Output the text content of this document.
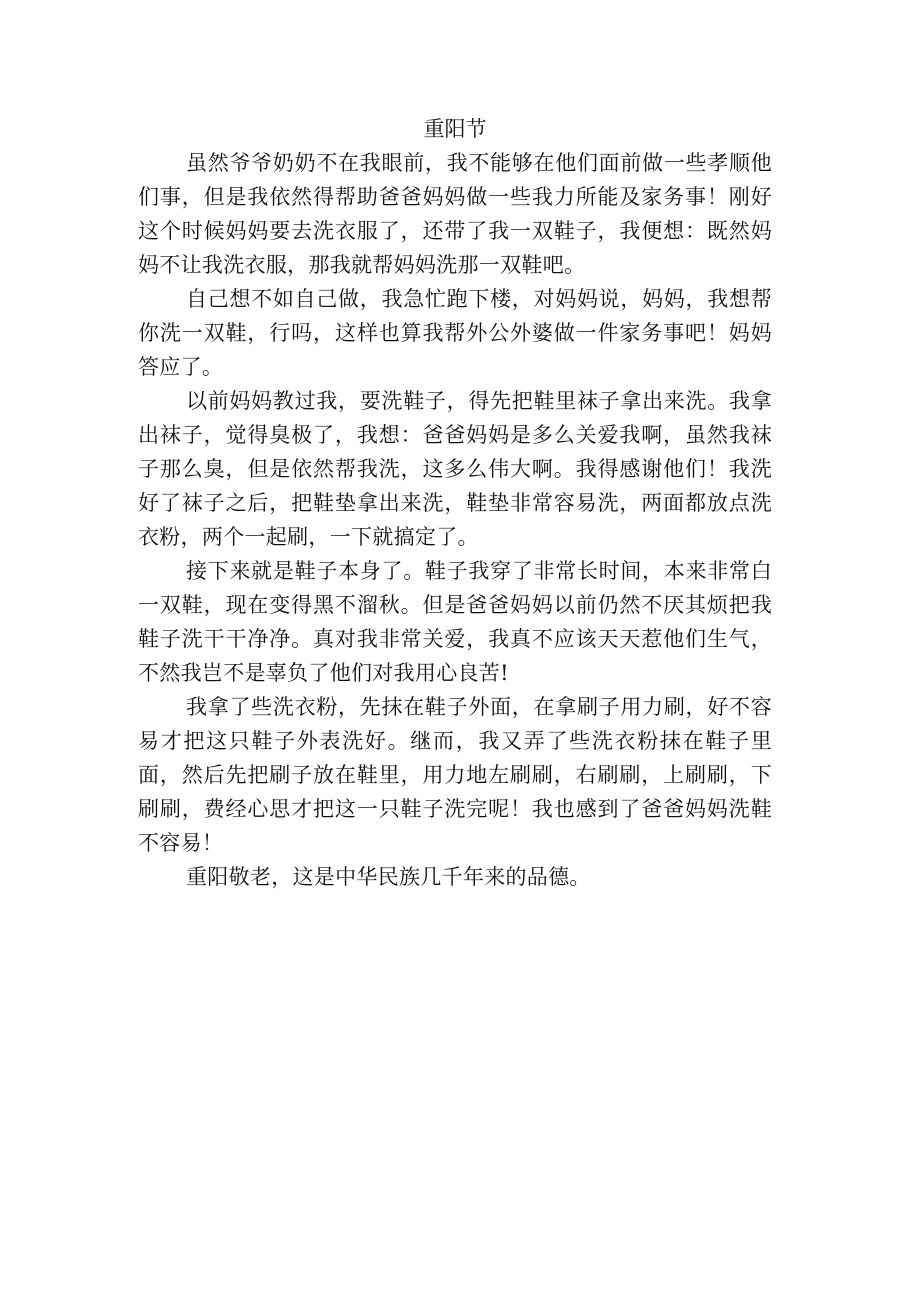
重阳节

虽然爷爷奶奶不在我眼前，我不能够在他们面前做一些孝顺他们事，但是我依然得帮助爸爸妈妈做一些我力所能及家务事！刚好这个时候妈妈要去洗衣服了，还带了我一双鞋子，我便想：既然妈妈不让我洗衣服，那我就帮妈妈洗那一双鞋吧。

自己想不如自己做，我急忙跑下楼，对妈妈说，妈妈，我想帮你洗一双鞋，行吗，这样也算我帮外公外婆做一件家务事吧！妈妈答应了。

以前妈妈教过我，要洗鞋子，得先把鞋里袜子拿出来洗。我拿出袜子，觉得臭极了，我想：爸爸妈妈是多么关爱我啊，虽然我袜子那么臭，但是依然帮我洗，这多么伟大啊。我得感谢他们！我洗好了袜子之后，把鞋垫拿出来洗，鞋垫非常容易洗，两面都放点洗衣粉，两个一起刷，一下就搞定了。

接下来就是鞋子本身了。鞋子我穿了非常长时间，本来非常白一双鞋，现在变得黑不溜秋。但是爸爸妈妈以前仍然不厌其烦把我鞋子洗干干净净。真对我非常关爱，我真不应该天天惹他们生气，不然我岂不是辜负了他们对我用心良苦!

我拿了些洗衣粉，先抹在鞋子外面，在拿刷子用力刷，好不容易才把这只鞋子外表洗好。继而，我又弄了些洗衣粉抹在鞋子里面，然后先把刷子放在鞋里，用力地左刷刷，右刷刷，上刷刷，下刷刷，费经心思才把这一只鞋子洗完呢！我也感到了爸爸妈妈洗鞋不容易！

重阳敬老，这是中华民族几千年来的品德。
